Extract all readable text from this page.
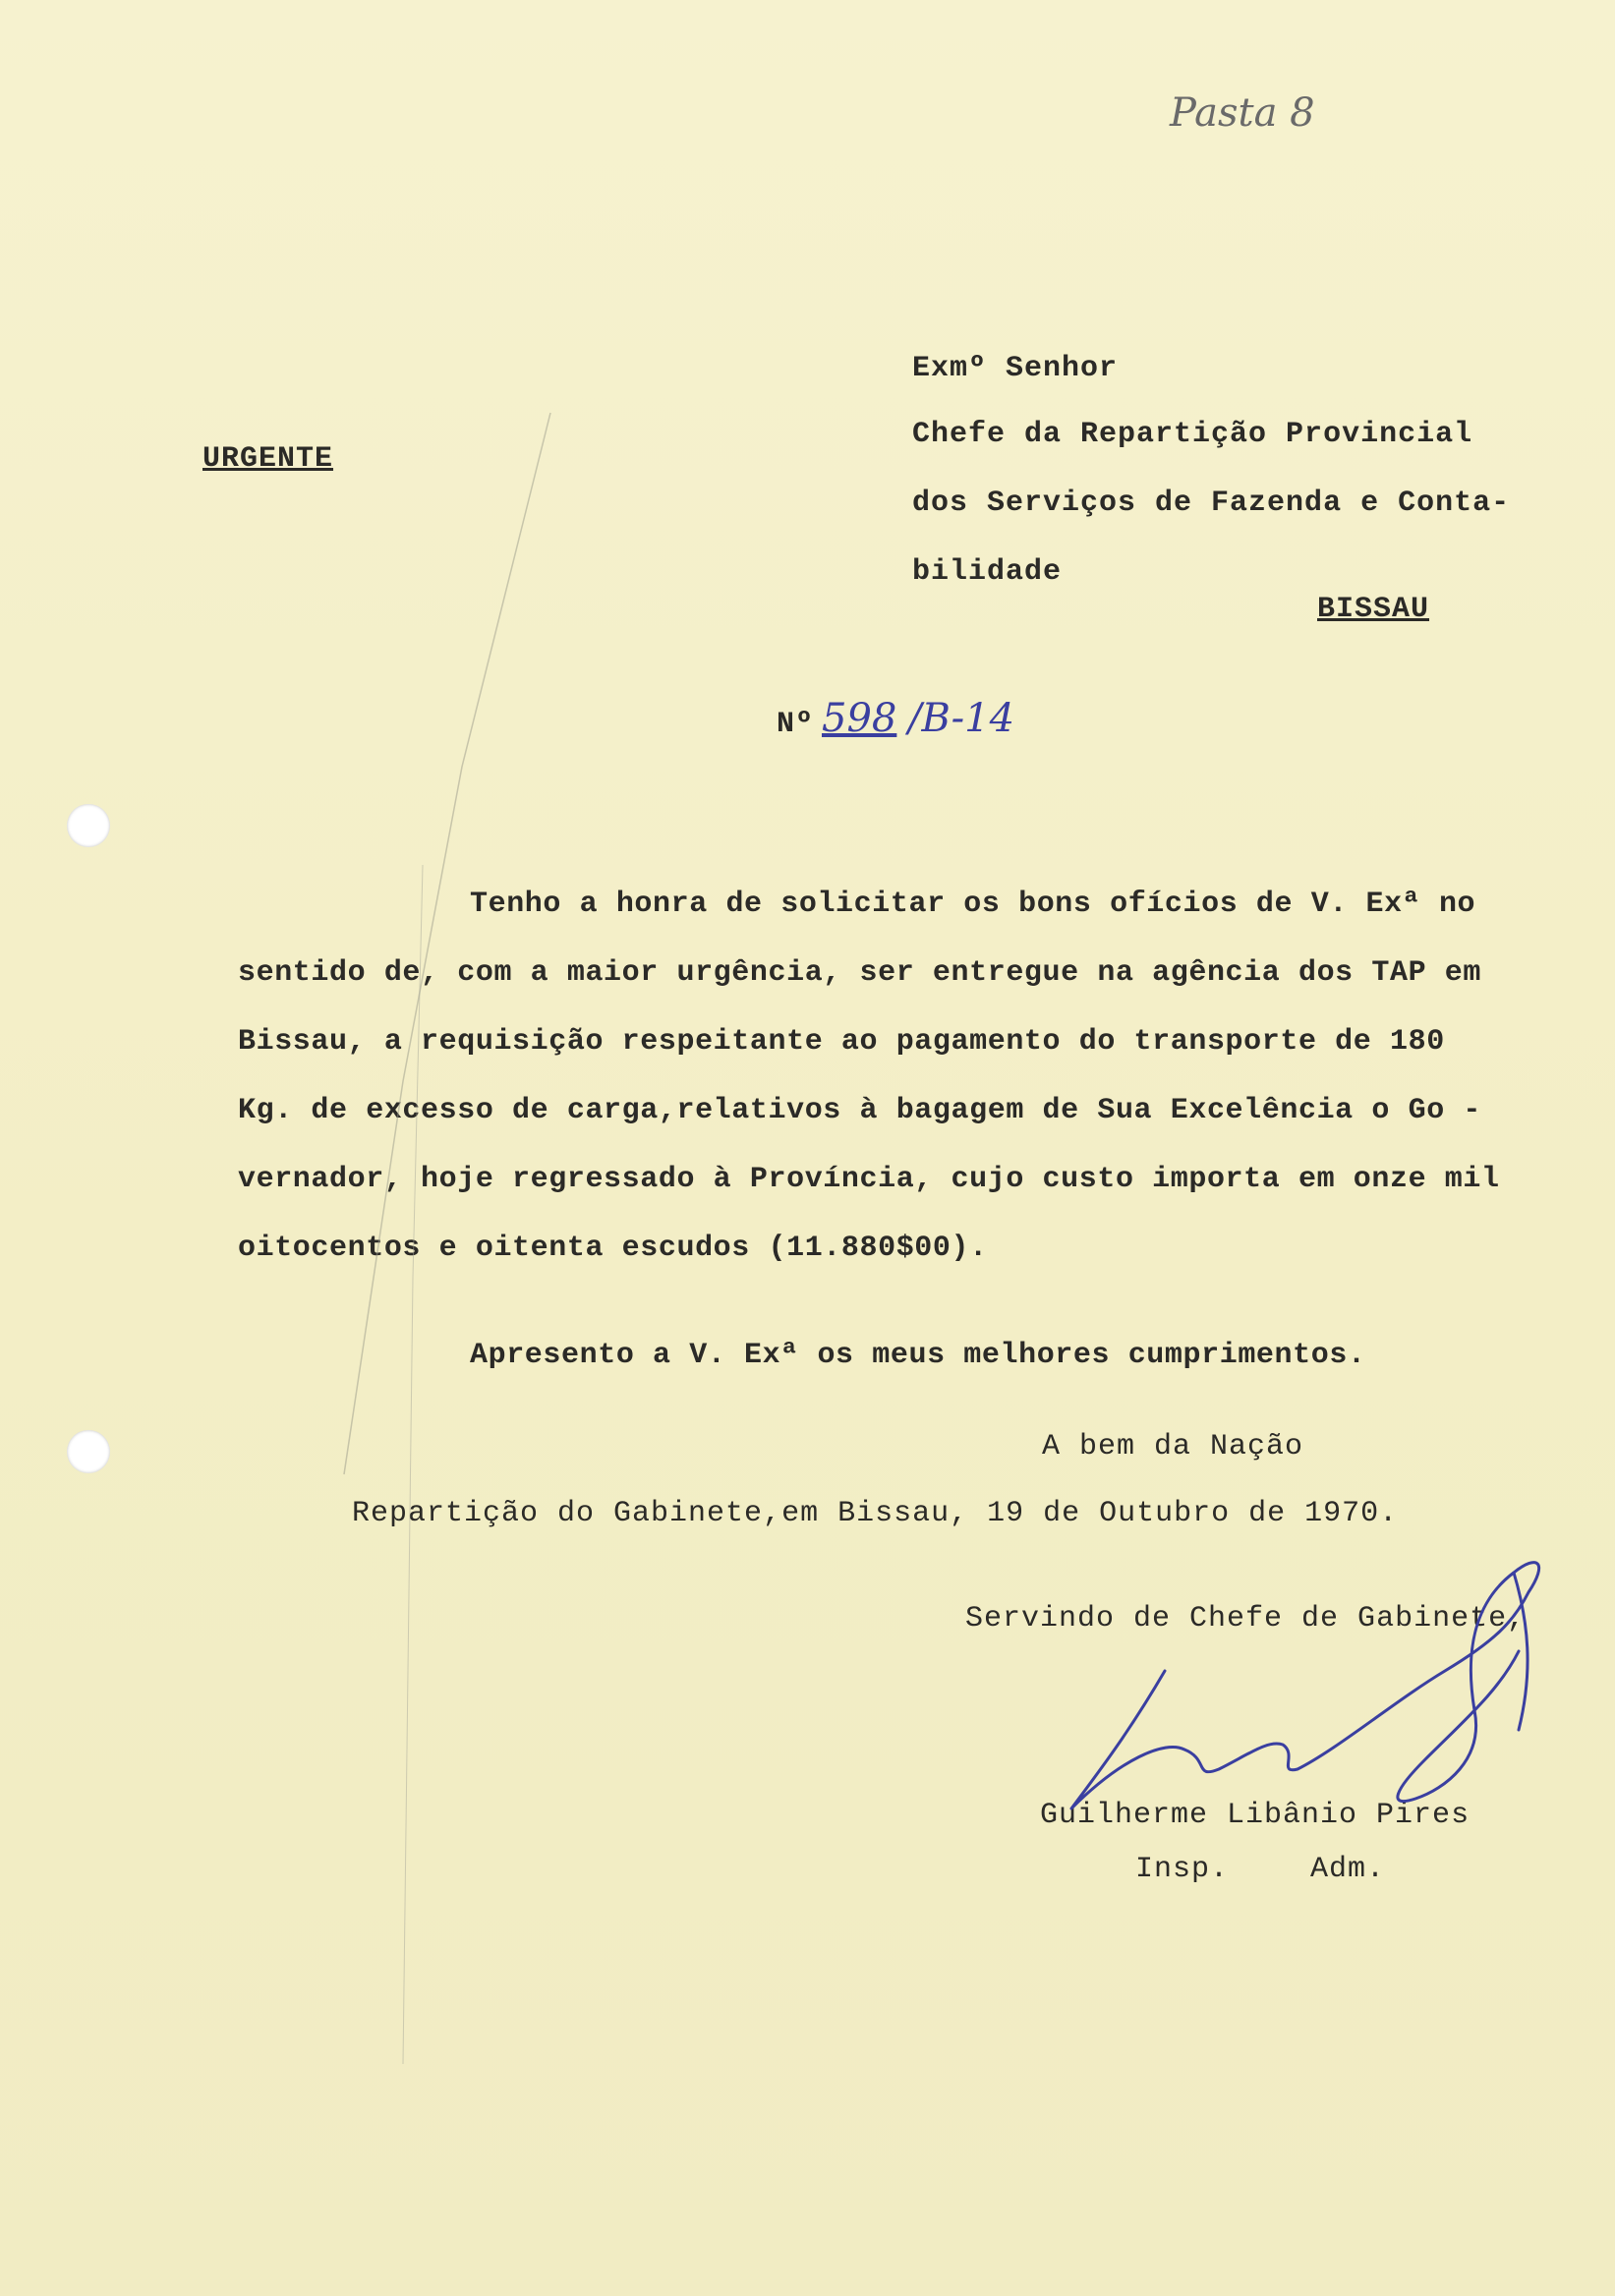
Pasta 8
URGENTE
Exmº Senhor
Chefe da Repartição Provincial
dos Serviços de Fazenda e Conta-
bilidade
BISSAU
Nº 598 /B-14
Tenho a honra de solicitar os bons ofícios de V. Exª no
sentido de, com a maior urgência, ser entregue na agência dos TAP em
Bissau, a requisição respeitante ao pagamento do transporte de 180
Kg. de excesso de carga,relativos à bagagem de Sua Excelência o Go -
vernador, hoje regressado à Província, cujo custo importa em onze mil
oitocentos e oitenta escudos (11.880$00).
Apresento a V. Exª os meus melhores cumprimentos.
A bem da Nação
Repartição do Gabinete,em Bissau, 19 de Outubro de 1970.
Servindo de Chefe de Gabinete,
Guilherme Libânio Pires
Insp.	Adm.
